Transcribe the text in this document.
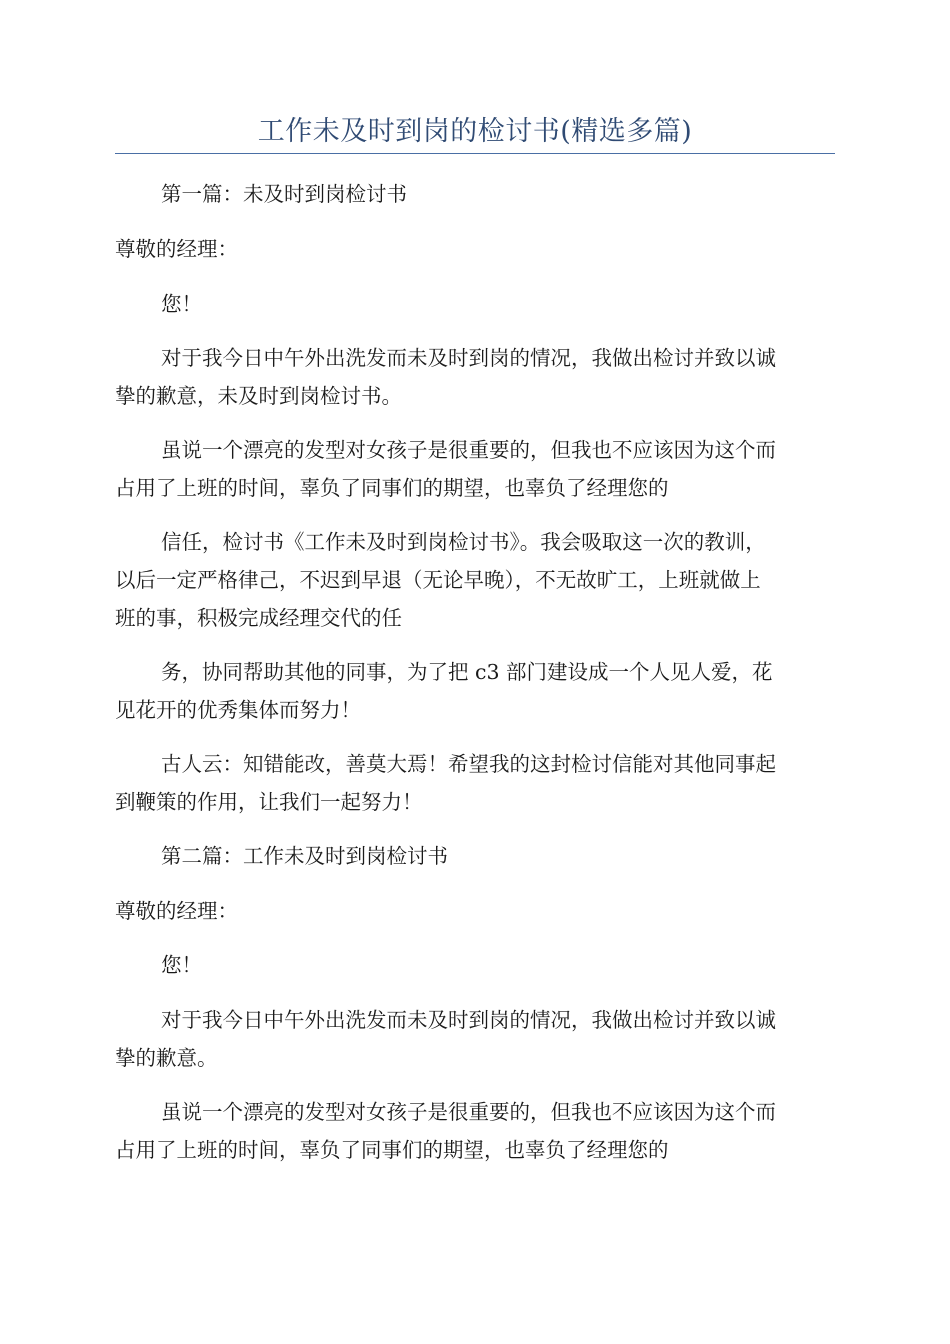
工作未及时到岗的检讨书(精选多篇)
第一篇：未及时到岗检讨书
尊敬的经理：
您！
对于我今日中午外出洗发而未及时到岗的情况，我做出检讨并致以诚
挚的歉意，未及时到岗检讨书。
虽说一个漂亮的发型对女孩子是很重要的，但我也不应该因为这个而
占用了上班的时间，辜负了同事们的期望，也辜负了经理您的
信任，检讨书《工作未及时到岗检讨书》。我会吸取这一次的教训，
以后一定严格律己，不迟到早退（无论早晚），不无故旷工，上班就做上
班的事，积极完成经理交代的任
务，协同帮助其他的同事，为了把 c3 部门建设成一个人见人爱，花
见花开的优秀集体而努力！
古人云：知错能改，善莫大焉！希望我的这封检讨信能对其他同事起
到鞭策的作用，让我们一起努力！
第二篇：工作未及时到岗检讨书
尊敬的经理：
您！
对于我今日中午外出洗发而未及时到岗的情况，我做出检讨并致以诚
挚的歉意。
虽说一个漂亮的发型对女孩子是很重要的，但我也不应该因为这个而
占用了上班的时间，辜负了同事们的期望，也辜负了经理您的
